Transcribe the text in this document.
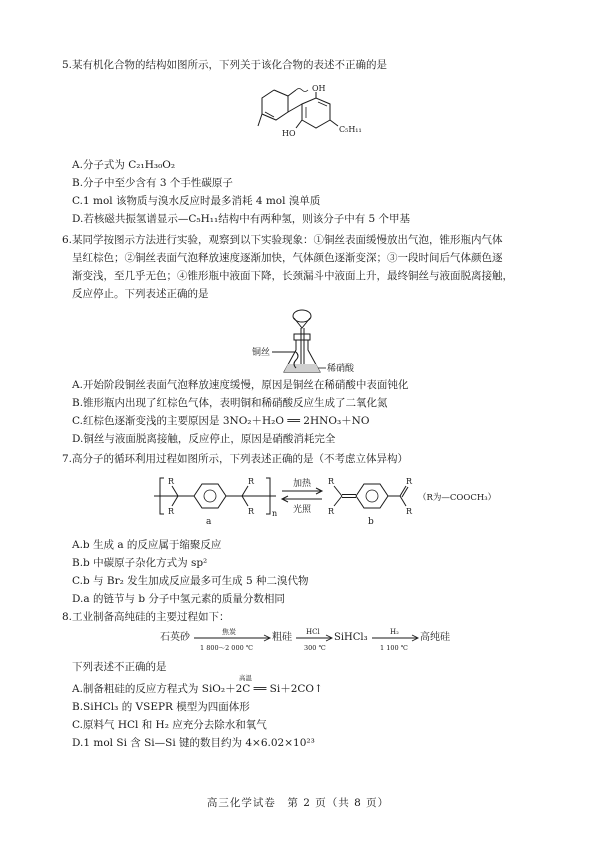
5.某有机化合物的结构如图所示，下列关于该化合物的表述不正确的是
OH
HO	C₅H₁₁
A.分子式为 C₂₁H₃₀O₂
B.分子中至少含有 3 个手性碳原子
C.1 mol 该物质与溴水反应时最多消耗 4 mol 溴单质
D.若核磁共振氢谱显示—C₅H₁₁结构中有两种氢，则该分子中有 5 个甲基
6.某同学按图示方法进行实验，观察到以下实验现象：①铜丝表面缓慢放出气泡，锥形瓶内气体
呈红棕色；②铜丝表面气泡释放速度逐渐加快，气体颜色逐渐变深；③一段时间后气体颜色逐
渐变浅，至几乎无色；④锥形瓶中液面下降，长颈漏斗中液面上升，最终铜丝与液面脱离接触，
反应停止。下列表述正确的是
铜丝
稀硝酸
A.开始阶段铜丝表面气泡释放速度缓慢，原因是铜丝在稀硝酸中表面钝化
B.锥形瓶内出现了红棕色气体，表明铜和稀硝酸反应生成了二氧化氮
C.红棕色逐渐变浅的主要原因是 3NO₂＋H₂O ══ 2HNO₃＋NO
D.铜丝与液面脱离接触，反应停止，原因是硝酸消耗完全
7.高分子的循环利用过程如图所示，下列表述正确的是（不考虑立体异构）
R
R
R
R n
a
加热
光照
R
R
R
R
b
（R为—COOCH₃）
A.b 生成 a 的反应属于缩聚反应
B.b 中碳原子杂化方式为 sp²
C.b 与 Br₂ 发生加成反应最多可生成 5 种二溴代物
D.a 的链节与 b 分子中氢元素的质量分数相同
8.工业制备高纯硅的主要过程如下：
石英砂	焦炭
1 800～2 000 ℃
粗硅 HCl
300 ℃
SiHCl₃	H₂
1 100 ℃
高纯硅
下列表述不正确的是
A.制备粗硅的反应方程式为 SiO₂＋2C ══ Si＋2CO↑
高温
B.SiHCl₃ 的 VSEPR 模型为四面体形
C.原料气 HCl 和 H₂ 应充分去除水和氧气
D.1 mol Si 含 Si—Si 键的数目约为 4×6.02×10²³
高三化学试卷　第 2 页（共 8 页）
